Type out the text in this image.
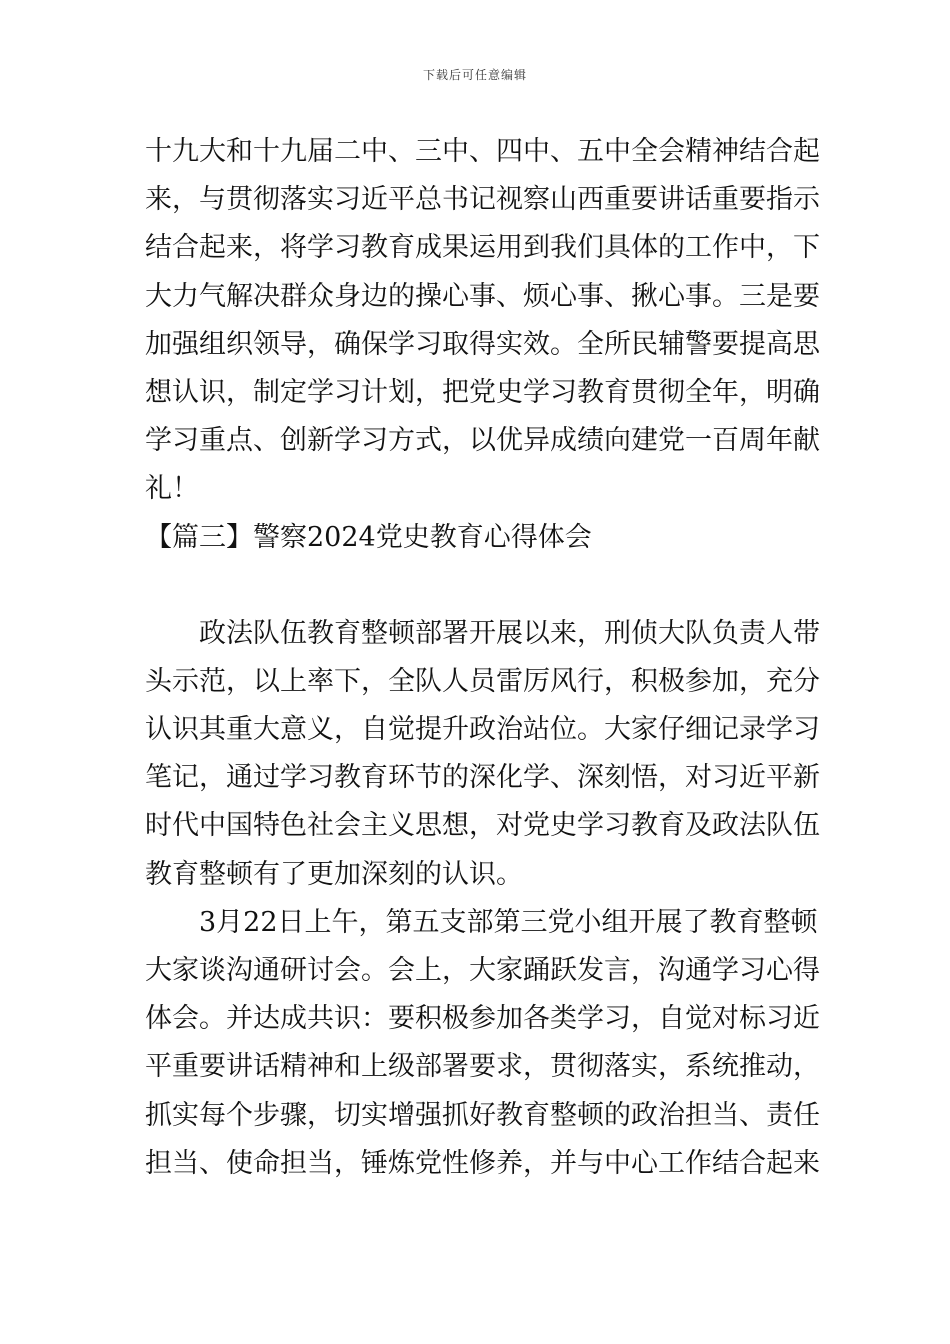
下载后可任意编辑
十九大和十九届二中、三中、四中、五中全会精神结合起
来，与贯彻落实习近平总书记视察山西重要讲话重要指示
结合起来，将学习教育成果运用到我们具体的工作中，下
大力气解决群众身边的操心事、烦心事、揪心事。三是要
加强组织领导，确保学习取得实效。全所民辅警要提高思
想认识，制定学习计划，把党史学习教育贯彻全年，明确
学习重点、创新学习方式，以优异成绩向建党一百周年献
礼！
【篇三】警察2024党史教育心得体会
政法队伍教育整顿部署开展以来，刑侦大队负责人带
头示范，以上率下，全队人员雷厉风行，积极参加，充分
认识其重大意义，自觉提升政治站位。大家仔细记录学习
笔记，通过学习教育环节的深化学、深刻悟，对习近平新
时代中国特色社会主义思想，对党史学习教育及政法队伍
教育整顿有了更加深刻的认识。
3月22日上午，第五支部第三党小组开展了教育整顿
大家谈沟通研讨会。会上，大家踊跃发言，沟通学习心得
体会。并达成共识：要积极参加各类学习，自觉对标习近
平重要讲话精神和上级部署要求，贯彻落实，系统推动，
抓实每个步骤，切实增强抓好教育整顿的政治担当、责任
担当、使命担当，锤炼党性修养，并与中心工作结合起来
